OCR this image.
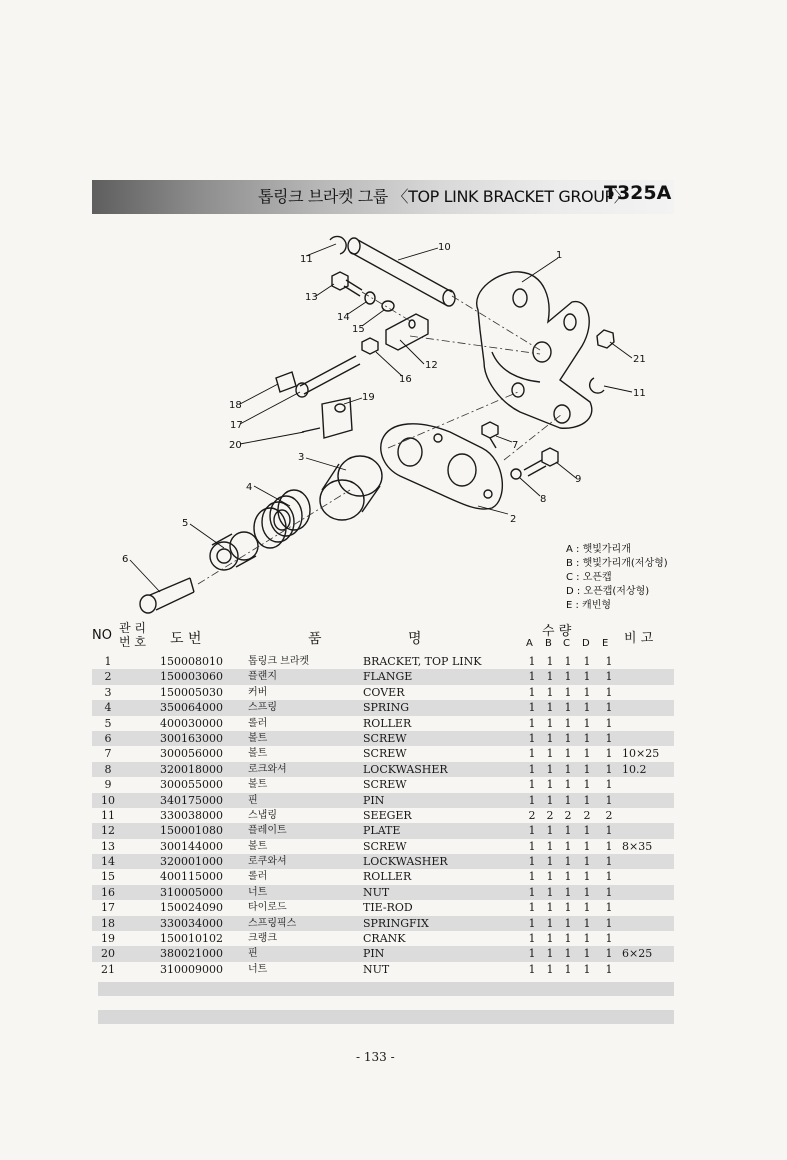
톱링크 브라켓 그룹 〈TOP LINK BRACKET GROUP〉
T325A
1
2
3
4
5
6
7
8
9
10
11
11
12
13
14
15
16
17
18
19
20
21
A : 햇빛가리개
B : 햇빛가리개(저상형)
C : 오픈캡
D : 오픈캡(저상형)
E : 캐빈형
NO 관 리
번 호 도 번	품	명	수 량
A B C D E 비 고
1	150008010	톱링크 브라켓	BRACKET, TOP LINK	1 1 1 1 1
2	150003060	플랜지	FLANGE	1 1 1 1 1
3	150005030	커버	COVER	1 1 1 1 1
4	350064000	스프링	SPRING	1 1 1 1 1
5	400030000	롤러	ROLLER	1 1 1 1 1
6	300163000	볼트	SCREW	1 1 1 1 1
7	300056000	볼트	SCREW	1 1 1 1 1 10×25
8	320018000	로크와셔	LOCKWASHER	1 1 1 1 1 10.2
9	300055000	볼트	SCREW	1 1 1 1 1
10	340175000	핀	PIN	1 1 1 1 1
11	330038000	스냅링	SEEGER	2 2 2 2 2
12	150001080	플레이트	PLATE	1 1 1 1 1
13	300144000	볼트	SCREW	1 1 1 1 1 8×35
14	320001000	로쿠와셔	LOCKWASHER	1 1 1 1 1
15	400115000	롤러	ROLLER	1 1 1 1 1
16	310005000	너트	NUT	1 1 1 1 1
17	150024090	타이로드	TIE-ROD	1 1 1 1 1
18	330034000	스프링픽스	SPRINGFIX	1 1 1 1 1
19	150010102	크랭크	CRANK	1 1 1 1 1
20	380021000	핀	PIN	1 1 1 1 1 6×25
21	310009000	너트	NUT	1 1 1 1 1
- 133 -
